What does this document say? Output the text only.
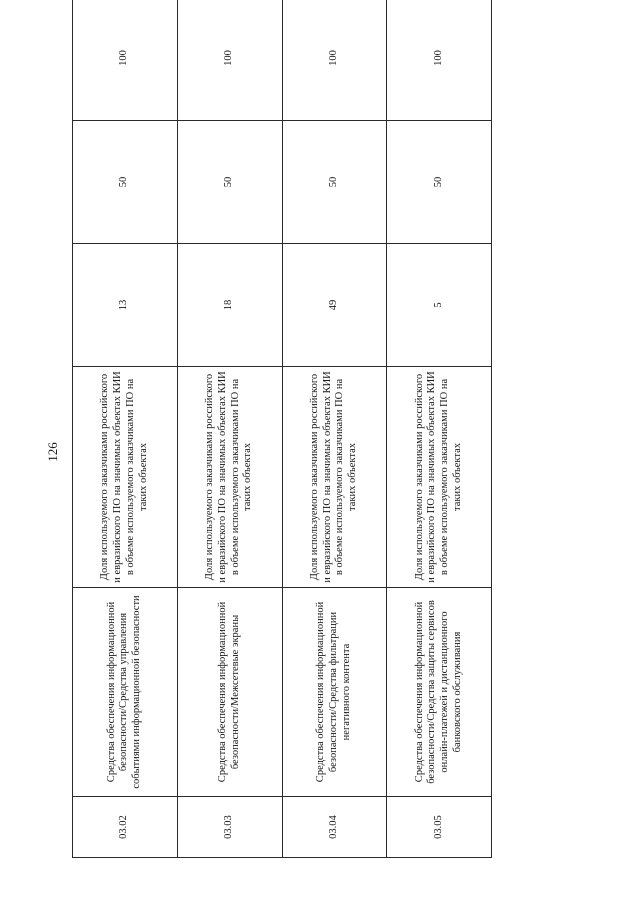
126
03.02	Средства обеспечения информационной безопасности/Средства управления событиями информационной безопасности	Доля используемого заказчиками российского и евразийского ПО на значимых объектах КИИ в объеме используемого заказчиками ПО на таких объектах	13	50	100
03.03	Средства обеспечения информационной безопасности/Межсетевые экраны	Доля используемого заказчиками российского и евразийского ПО на значимых объектах КИИ в объеме используемого заказчиками ПО на таких объектах	18	50	100
03.04	Средства обеспечения информационной безопасности/Средства фильтрации негативного контента	Доля используемого заказчиками российского и евразийского ПО на значимых объектах КИИ в объеме используемого заказчиками ПО на таких объектах	49	50	100
03.05	Средства обеспечения информационной безопасности/Средства защиты сервисов онлайн-платежей и дистанционного банковского обслуживания	Доля используемого заказчиками российского и евразийского ПО на значимых объектах КИИ в объеме используемого заказчиками ПО на таких объектах	5	50	100
